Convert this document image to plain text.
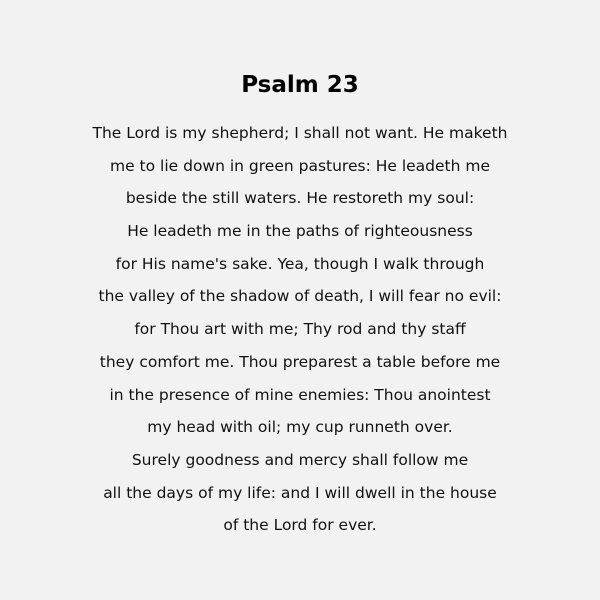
Psalm 23
The Lord is my shepherd; I shall not want. He maketh
me to lie down in green pastures: He leadeth me
beside the still waters. He restoreth my soul:
He leadeth me in the paths of righteousness
for His name's sake. Yea, though I walk through
the valley of the shadow of death, I will fear no evil:
for Thou art with me; Thy rod and thy staff
they comfort me. Thou preparest a table before me
in the presence of mine enemies: Thou anointest
my head with oil; my cup runneth over.
Surely goodness and mercy shall follow me
all the days of my life: and I will dwell in the house
of the Lord for ever.
